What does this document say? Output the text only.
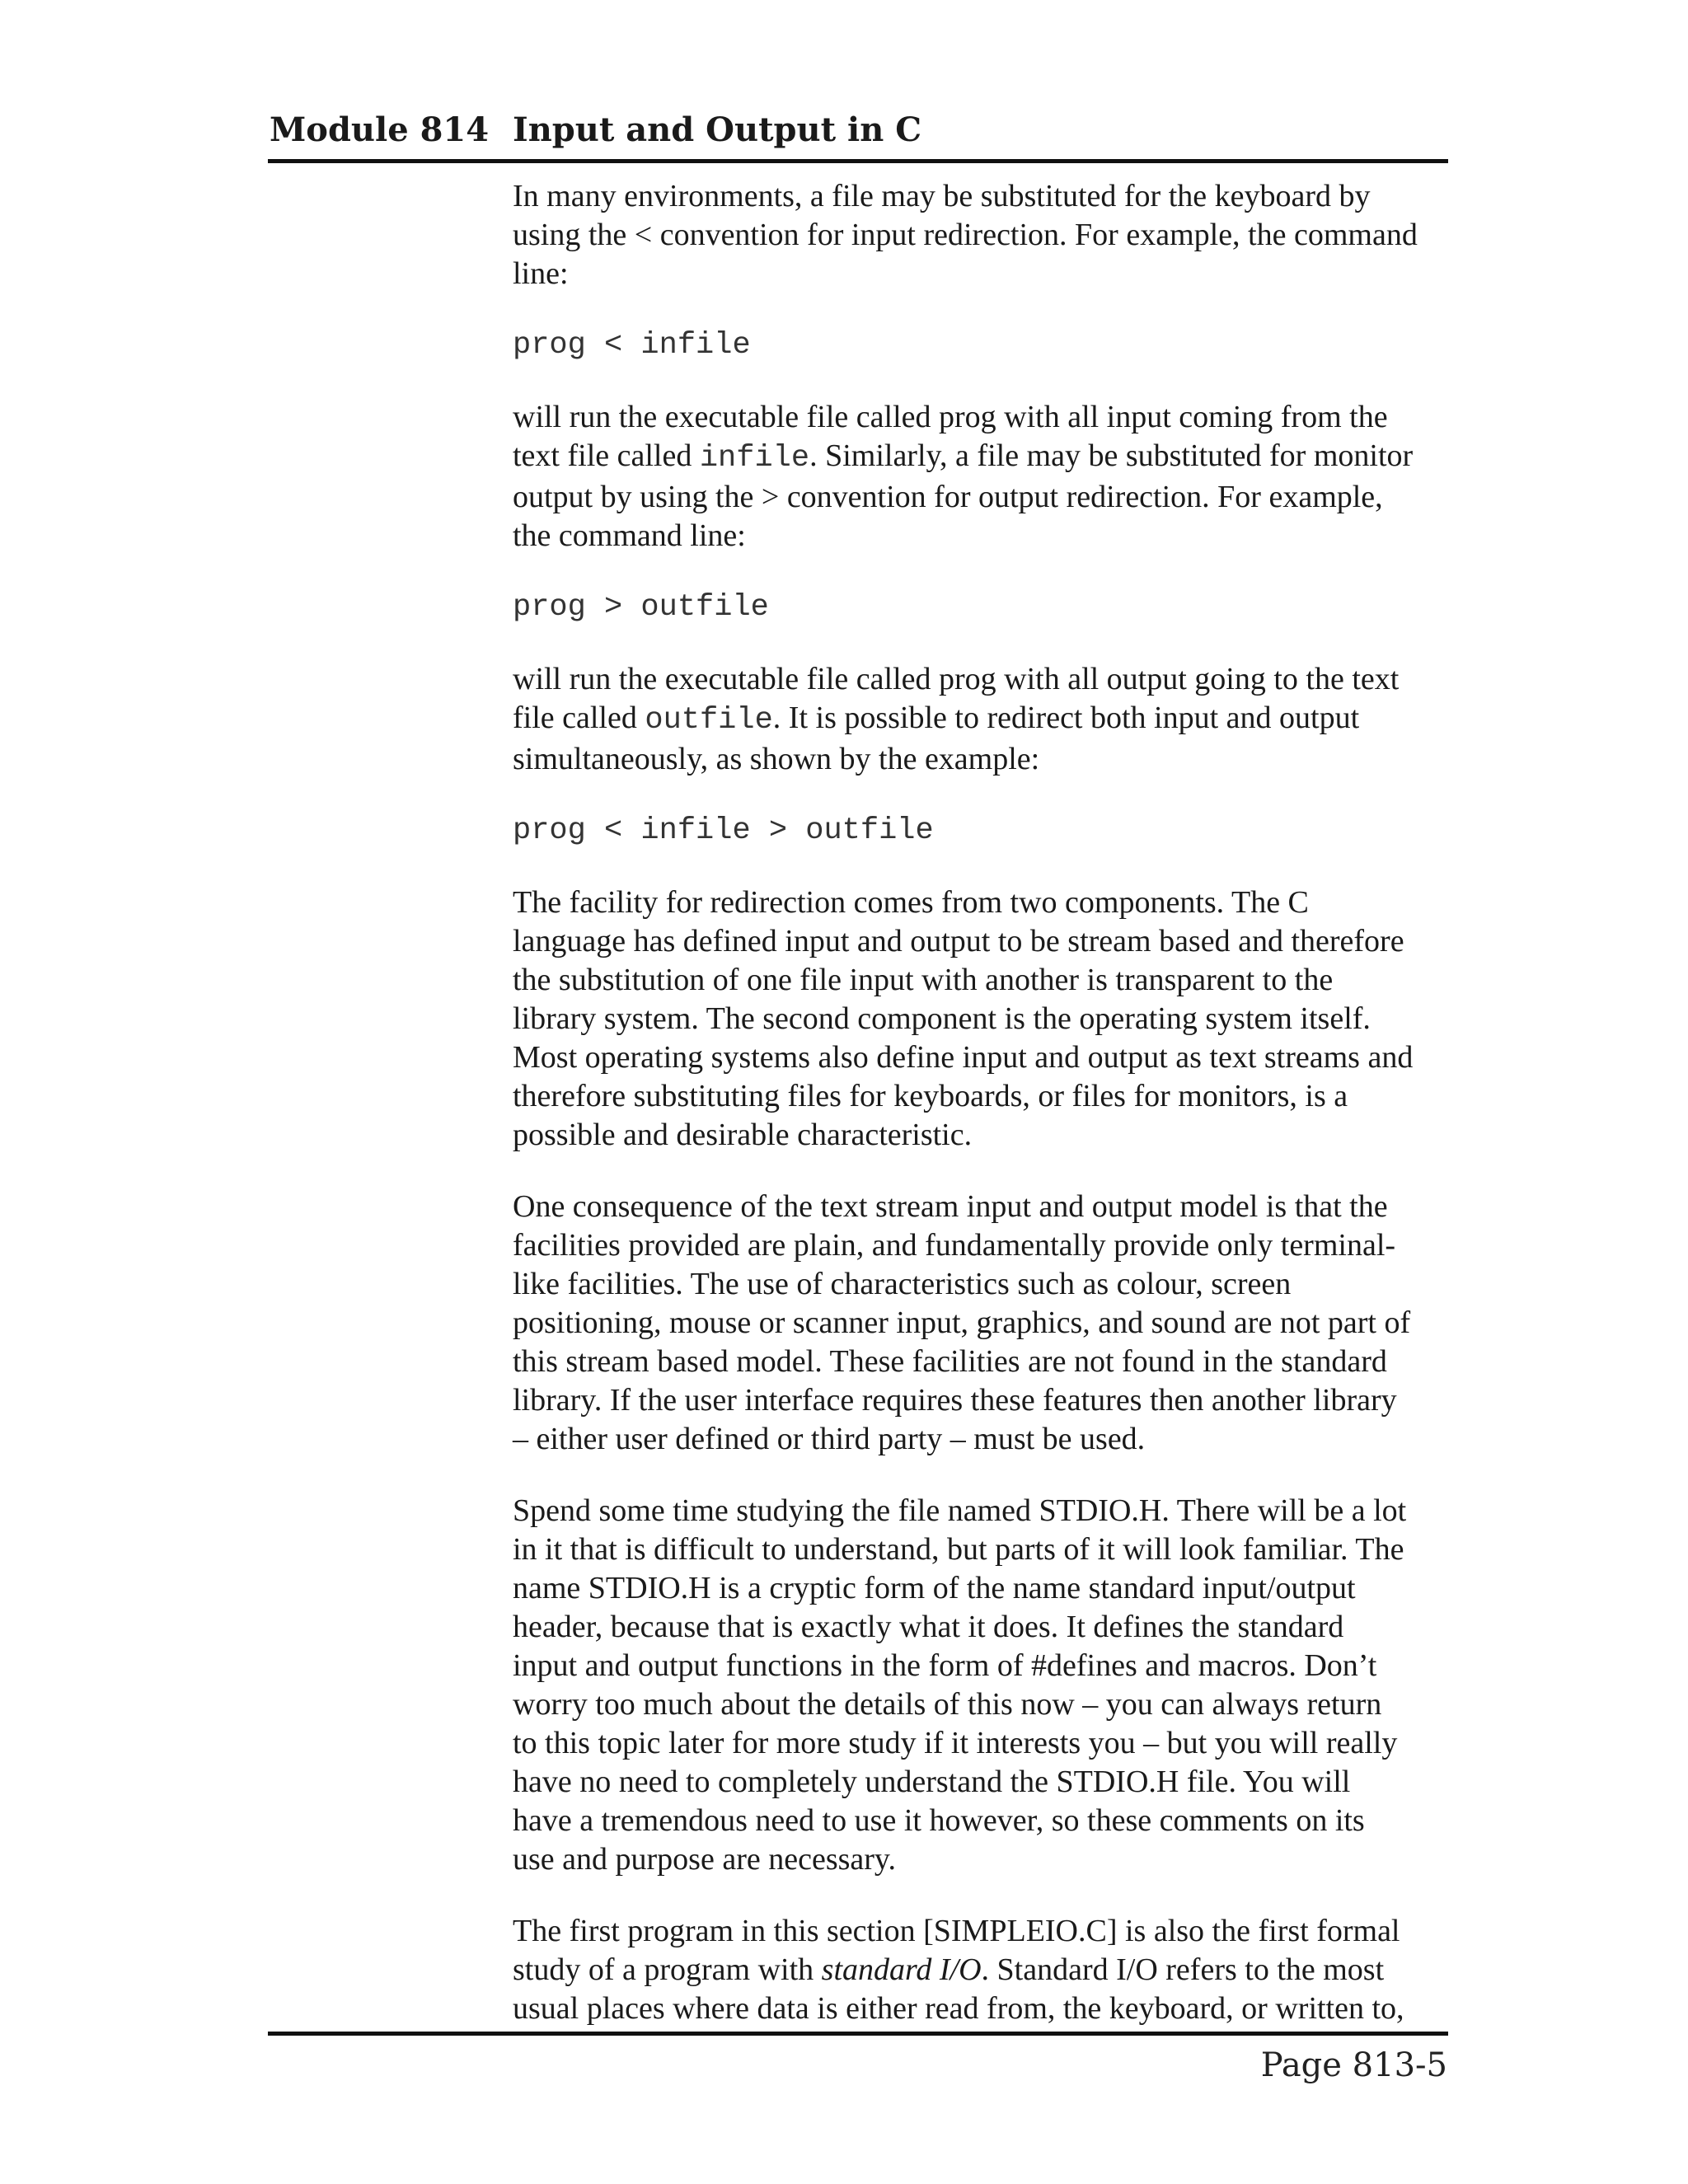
Module 814 Input and Output in C

In many environments, a file may be substituted for the keyboard by
using the < convention for input redirection. For example, the command
line:

prog < infile

will run the executable file called prog with all input coming from the
text file called infile. Similarly, a file may be substituted for monitor
output by using the > convention for output redirection. For example,
the command line:

prog > outfile

will run the executable file called prog with all output going to the text
file called outfile. It is possible to redirect both input and output
simultaneously, as shown by the example:

prog < infile > outfile

The facility for redirection comes from two components. The C
language has defined input and output to be stream based and therefore
the substitution of one file input with another is transparent to the
library system. The second component is the operating system itself.
Most operating systems also define input and output as text streams and
therefore substituting files for keyboards, or files for monitors, is a
possible and desirable characteristic.

One consequence of the text stream input and output model is that the
facilities provided are plain, and fundamentally provide only terminal-
like facilities. The use of characteristics such as colour, screen
positioning, mouse or scanner input, graphics, and sound are not part of
this stream based model. These facilities are not found in the standard
library. If the user interface requires these features then another library
– either user defined or third party – must be used.

Spend some time studying the file named STDIO.H. There will be a lot
in it that is difficult to understand, but parts of it will look familiar. The
name STDIO.H is a cryptic form of the name standard input/output
header, because that is exactly what it does. It defines the standard
input and output functions in the form of #defines and macros. Don’t
worry too much about the details of this now – you can always return
to this topic later for more study if it interests you – but you will really
have no need to completely understand the STDIO.H file. You will
have a tremendous need to use it however, so these comments on its
use and purpose are necessary.

The first program in this section [SIMPLEIO.C] is also the first formal
study of a program with standard I/O. Standard I/O refers to the most
usual places where data is either read from, the keyboard, or written to,

Page 813-5
